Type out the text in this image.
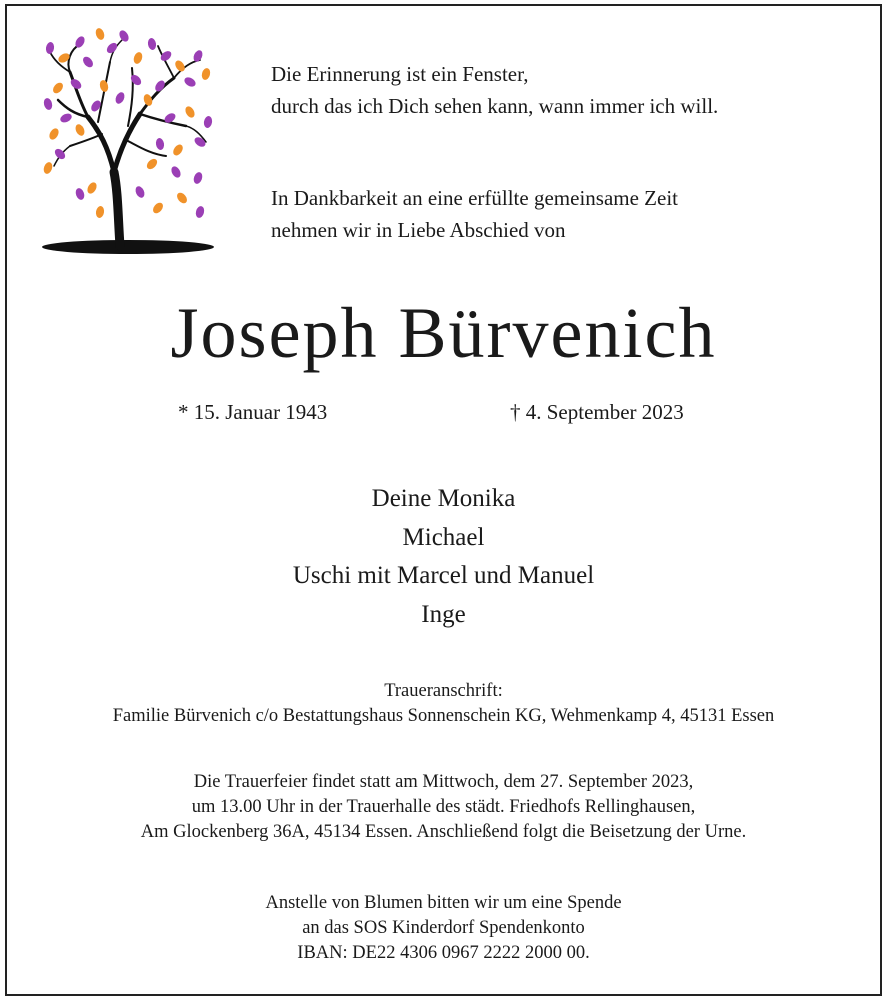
Die Erinnerung ist ein Fenster,

durch das ich Dich sehen kann, wann immer ich will.

In Dankbarkeit an eine erfüllte gemeinsame Zeit

nehmen wir in Liebe Abschied von

Joseph Bürvenich
* 15. Januar 1943	† 4. September 2023
Deine Monika
Michael
Uschi mit Marcel und Manuel
Inge
Traueranschrift:
Familie Bürvenich c/o Bestattungshaus Sonnenschein KG, Wehmenkamp 4, 45131 Essen
Die Trauerfeier findet statt am Mittwoch, dem 27. September 2023,
um 13.00 Uhr in der Trauerhalle des städt. Friedhofs Rellinghausen,
Am Glockenberg 36A, 45134 Essen. Anschließend folgt die Beisetzung der Urne.
Anstelle von Blumen bitten wir um eine Spende
an das SOS Kinderdorf Spendenkonto
IBAN: DE22 4306 0967 2222 2000 00.
